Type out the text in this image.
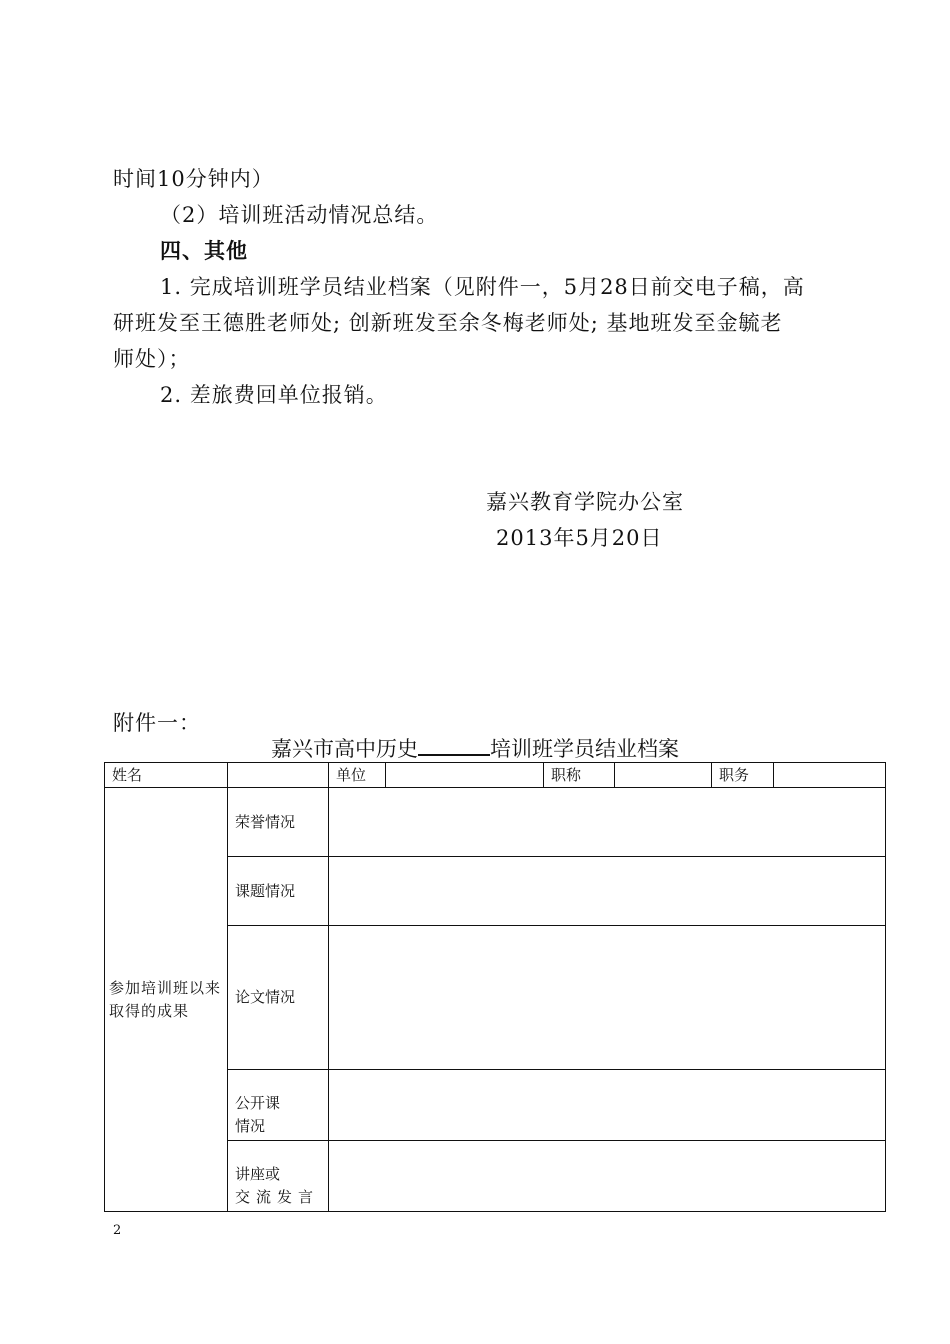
时间10分钟内）
（2）培训班活动情况总结。
四、其他
1. 完成培训班学员结业档案（见附件一，5月28日前交电子稿，高
研班发至王德胜老师处; 创新班发至余冬梅老师处; 基地班发至金毓老
师处）；
2. 差旅费回单位报销。
嘉兴教育学院办公室
2013年5月20日
附件一：
嘉兴市高中历史	培训班学员结业档案
姓名		单位		职称		职务	
参加培训班以来取得的成果	荣誉情况						
	课题情况						
	论文情况						

	公开课
情况						

	讲座或
交流发言						

2
